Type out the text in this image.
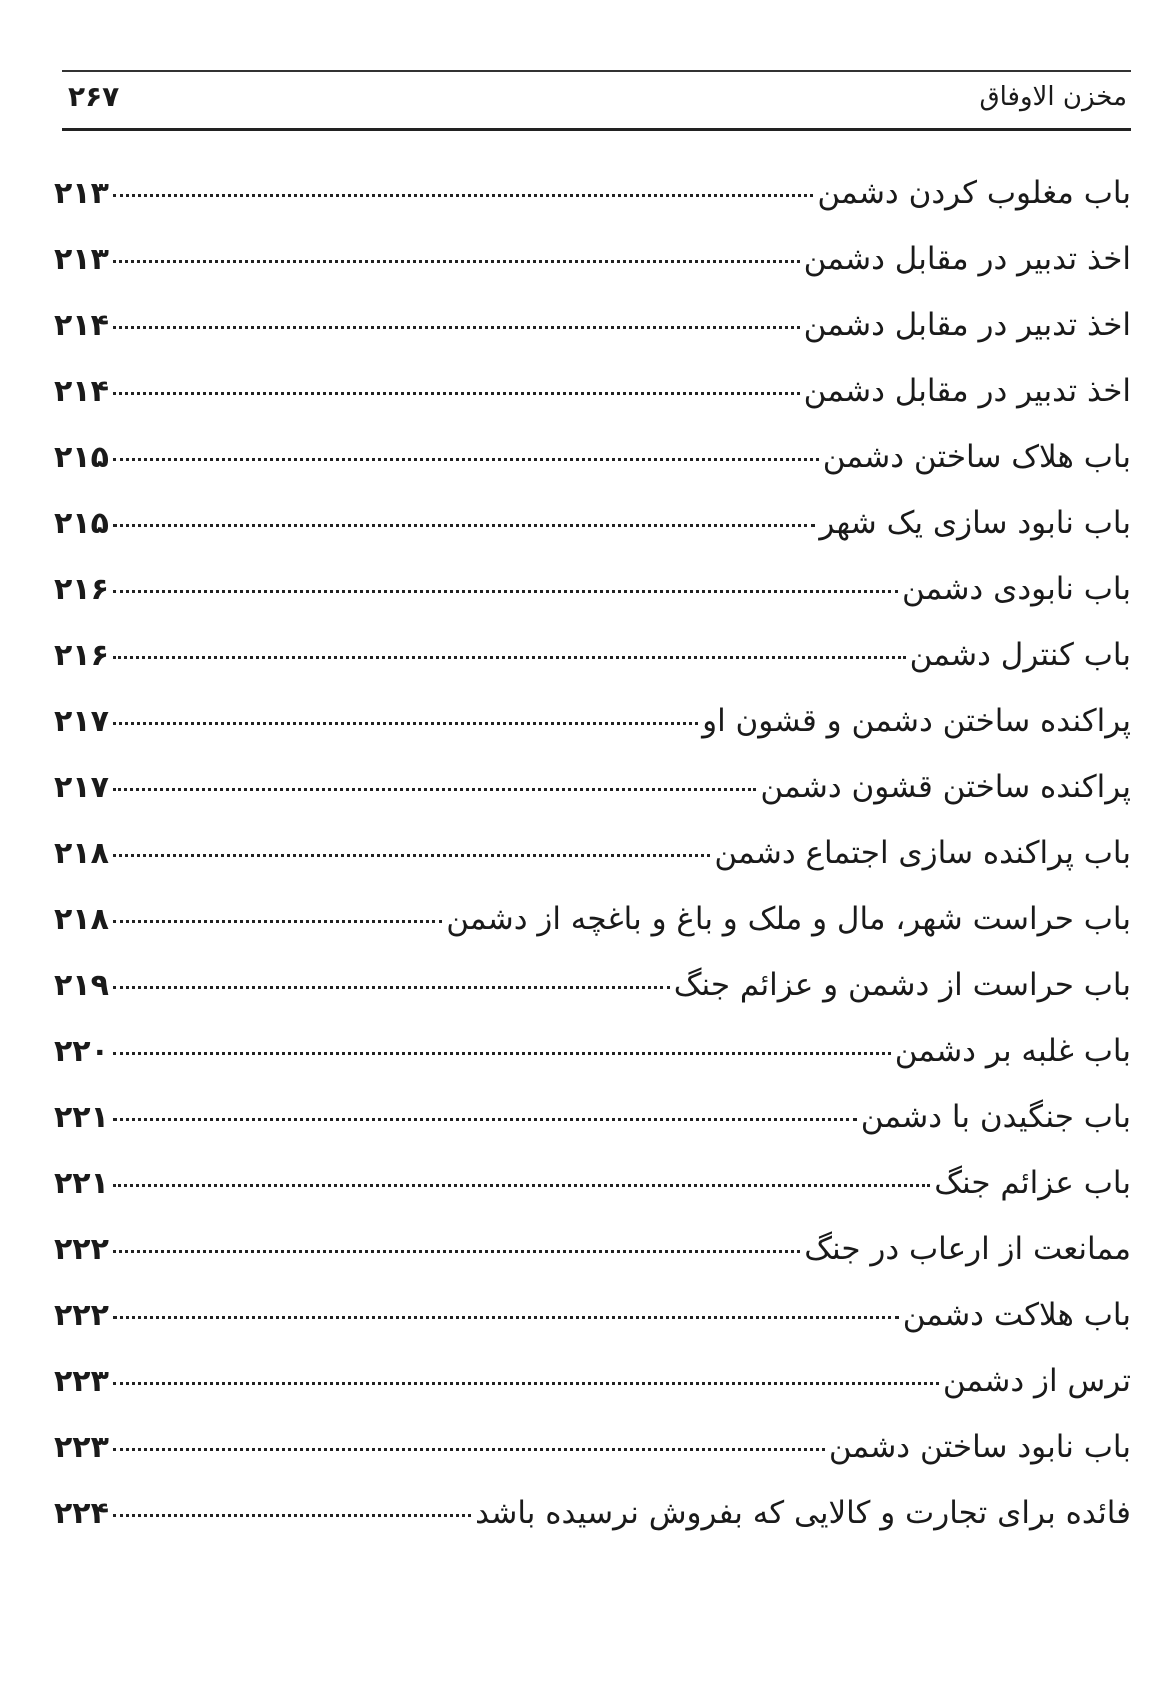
مخزن الاوفاق
۲۶۷
باب مغلوب کردن دشمن
۲۱۳
اخذ تدبیر در مقابل دشمن
۲۱۳
اخذ تدبیر در مقابل دشمن
۲۱۴
اخذ تدبیر در مقابل دشمن
۲۱۴
باب هلاک ساختن دشمن
۲۱۵
باب نابود سازی یک شهر
۲۱۵
باب نابودی دشمن
۲۱۶
باب کنترل دشمن
۲۱۶
پراکنده ساختن دشمن و قشون او
۲۱۷
پراکنده ساختن قشون دشمن
۲۱۷
باب پراکنده سازی اجتماع دشمن
۲۱۸
باب حراست شهر، مال و ملک و باغ و باغچه از دشمن
۲۱۸
باب حراست از دشمن و عزائم جنگ
۲۱۹
باب غلبه بر دشمن
۲۲۰
باب جنگیدن با دشمن
۲۲۱
باب عزائم جنگ
۲۲۱
ممانعت از ارعاب در جنگ
۲۲۲
باب هلاکت دشمن
۲۲۲
ترس از دشمن
۲۲۳
باب نابود ساختن دشمن
۲۲۳
فائده برای تجارت و کالایی که بفروش نرسیده باشد
۲۲۴
